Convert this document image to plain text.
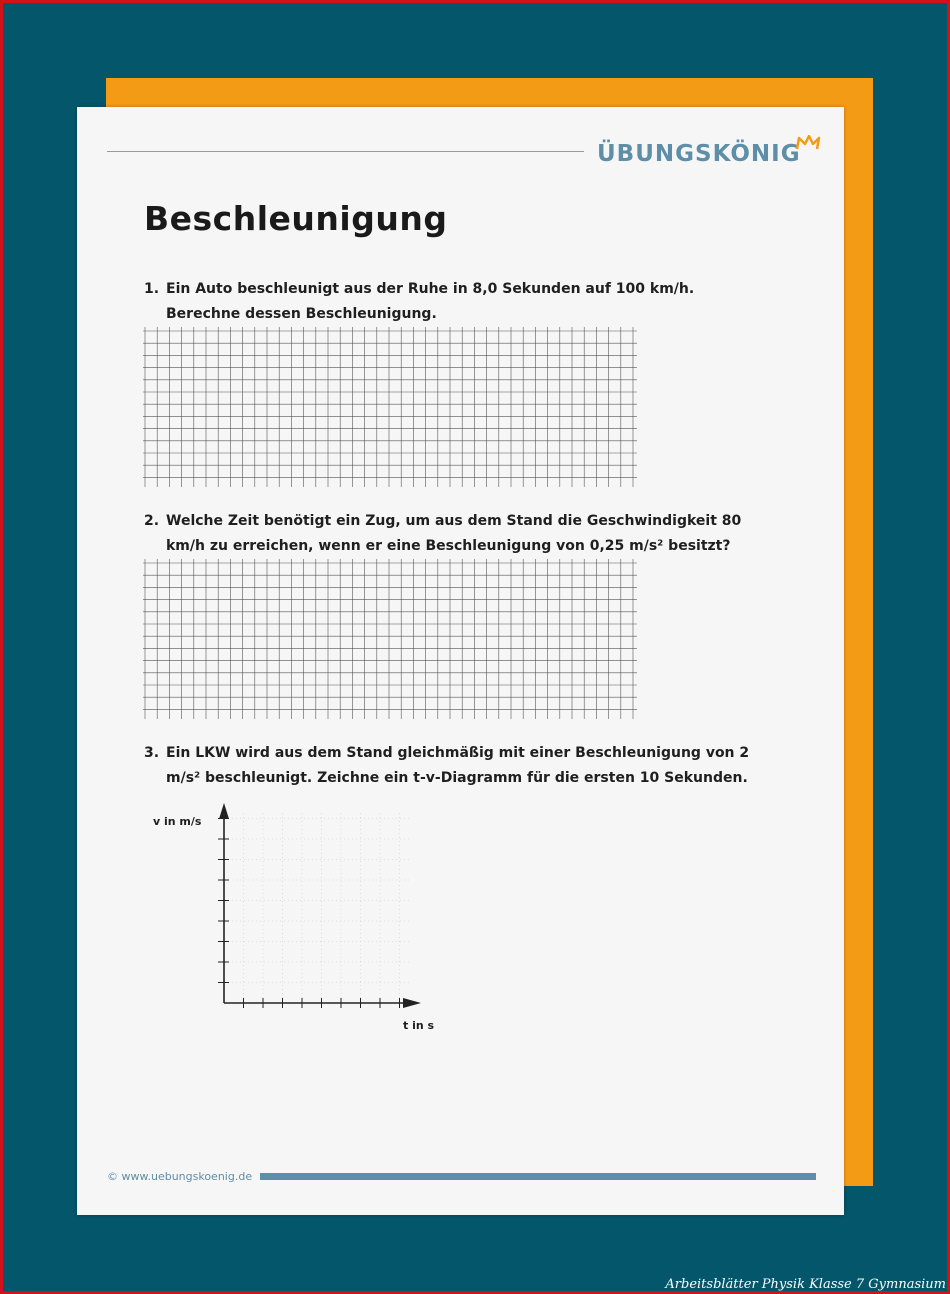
ÜBUNGSKÖNIG
Beschleunigung
1. Ein Auto beschleunigt aus der Ruhe in 8,0 Sekunden auf 100 km/h. Berechne dessen Beschleunigung.
2. Welche Zeit benötigt ein Zug, um aus dem Stand die Geschwindigkeit 80 km/h zu erreichen, wenn er eine Beschleunigung von 0,25 m/s² besitzt?
3. Ein LKW wird aus dem Stand gleichmäßig mit einer Beschleunigung von 2 m/s² beschleunigt. Zeichne ein t-v-Diagramm für die ersten 10 Sekunden.
v in m/s
t in s
© www.uebungskoenig.de
Arbeitsblätter Physik Klasse 7 Gymnasium
